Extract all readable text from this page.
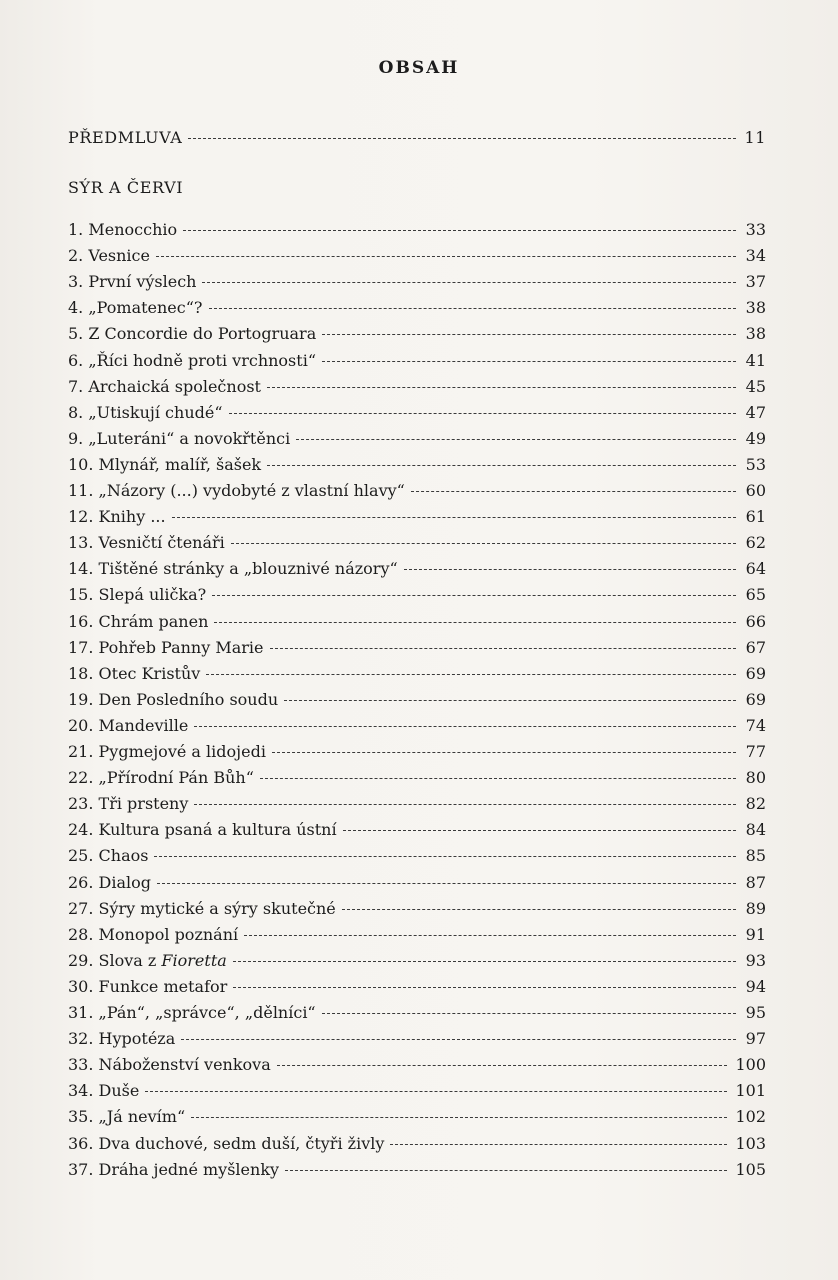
OBSAH
PŘEDMLUVA	11
SÝR A ČERVI
1. Menocchio	33
2. Vesnice	34
3. První výslech	37
4. „Pomatenec“?	38
5. Z Concordie do Portogruara	38
6. „Říci hodně proti vrchnosti“	41
7. Archaická společnost	45
8. „Utiskují chudé“	47
9. „Luteráni“ a novokřtěnci	49
10. Mlynář, malíř, šašek	53
11. „Názory (...) vydobyté z vlastní hlavy“	60
12. Knihy ...	61
13. Vesničtí čtenáři	62
14. Tištěné stránky a „blouznivé názory“	64
15. Slepá ulička?	65
16. Chrám panen	66
17. Pohřeb Panny Marie	67
18. Otec Kristův	69
19. Den Posledního soudu	69
20. Mandeville	74
21. Pygmejové a lidojedi	77
22. „Přírodní Pán Bůh“	80
23. Tři prsteny	82
24. Kultura psaná a kultura ústní	84
25. Chaos	85
26. Dialog	87
27. Sýry mytické a sýry skutečné	89
28. Monopol poznání	91
29. Slova z Fioretta	93
30. Funkce metafor	94
31. „Pán“, „správce“, „dělníci“	95
32. Hypotéza	97
33. Náboženství venkova	100
34. Duše	101
35. „Já nevím“	102
36. Dva duchové, sedm duší, čtyři živly	103
37. Dráha jedné myšlenky	105
